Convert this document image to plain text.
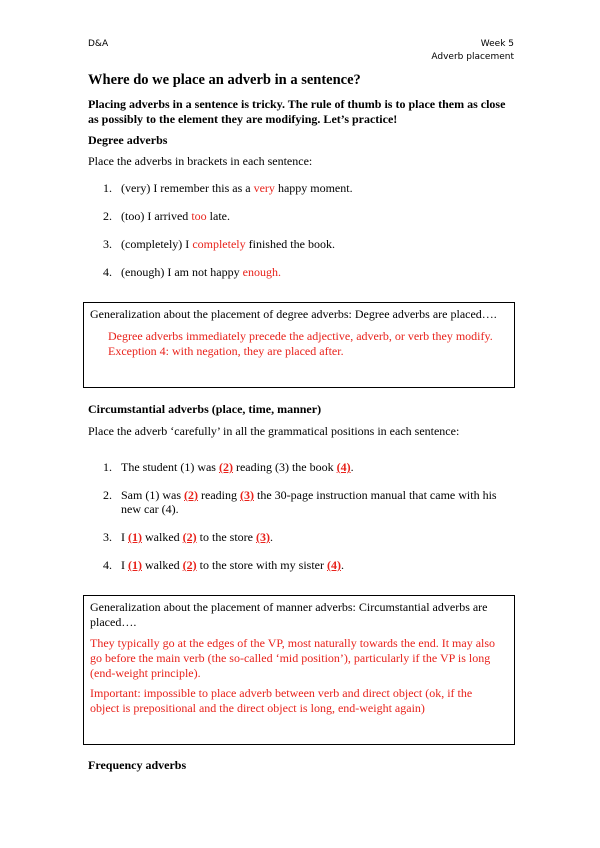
D&A	Week 5
Adverb placement
Where do we place an adverb in a sentence?
Placing adverbs in a sentence is tricky. The rule of thumb is to place them as close as possibly to the element they are modifying. Let’s practice!
Degree adverbs
Place the adverbs in brackets in each sentence:
1. (very) I remember this as a very happy moment.
2. (too) I arrived too late.
3. (completely) I completely finished the book.
4. (enough) I am not happy enough.
Generalization about the placement of degree adverbs: Degree adverbs are placed….
Degree adverbs immediately precede the adjective, adverb, or verb they modify.
Exception 4: with negation, they are placed after.
Circumstantial adverbs (place, time, manner)
Place the adverb ‘carefully’ in all the grammatical positions in each sentence:
1. The student (1) was (2) reading (3) the book (4).
2. Sam (1) was (2) reading (3) the 30-page instruction manual that came with his
new car (4).
3. I (1) walked (2) to the store (3).
4. I (1) walked (2) to the store with my sister (4).
Generalization about the placement of manner adverbs: Circumstantial adverbs are
placed….
They typically go at the edges of the VP, most naturally towards the end. It may also
go before the main verb (the so-called ‘mid position’), particularly if the VP is long
(end-weight principle).
Important: impossible to place adverb between verb and direct object (ok, if the
object is prepositional and the direct object is long, end-weight again)
Frequency adverbs
